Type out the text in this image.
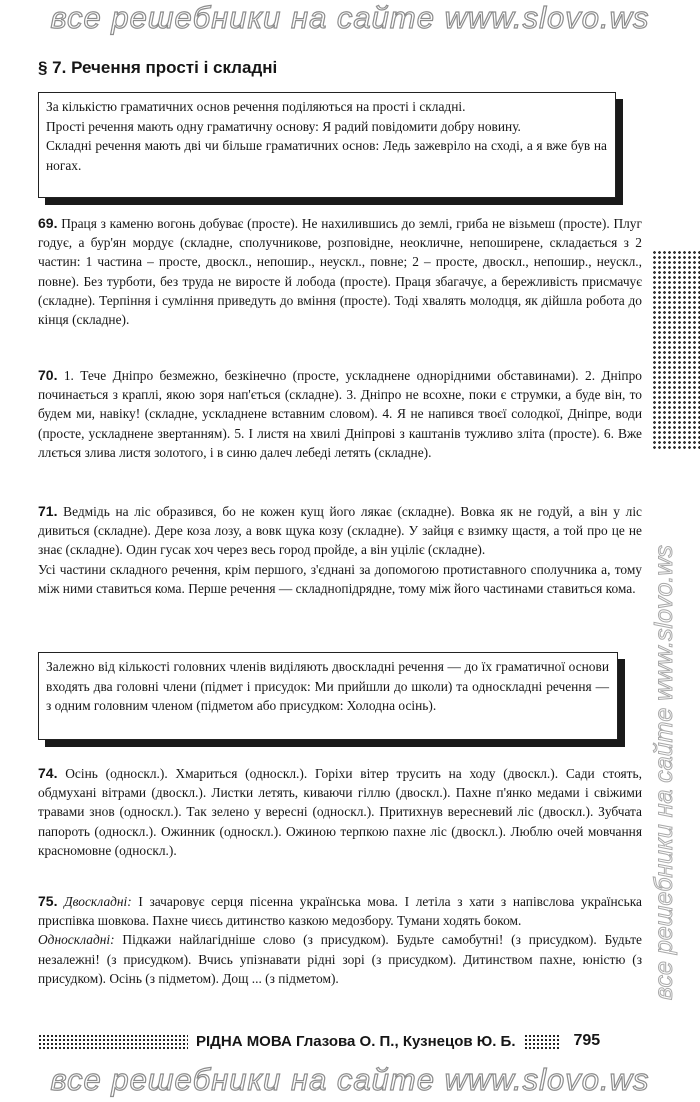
все решебники на сайте www.slovo.ws
все решебники на сайте www.slovo.ws
§ 7. Речення прості і складні

За кількістю граматичних основ речення поділяються на прості і складні.

Прості речення мають одну граматичну основу: Я радий повідомити добру новину.

Складні речення мають дві чи більше граматичних основ: Ледь зажевріло на сході, а я вже був на ногах.

69. Праця з каменю вогонь добуває (просте). Не нахилившись до землі, гриба не візьмеш (просте). Плуг годує, а бур'ян мордує (складне, сполучникове, розповідне, неокличне, непоширене, складається з 2 частин: 1 частина – просте, двоскл., непошир., неускл., повне; 2 – просте, двоскл., непошир., неускл., повне). Без турботи, без труда не виросте й лобода (просте). Праця збагачує, а бережливість присмачує (складне). Терпіння і сумління приведуть до вміння (просте). Тоді хвалять молодця, як дійшла робота до кінця (складне).

70. 1. Тече Дніпро безмежно, безкінечно (просте, ускладнене однорідними обставинами). 2. Дніпро починається з краплі, якою зоря нап'ється (складне). 3. Дніпро не всохне, поки є струмки, а буде він, то будем ми, навіку! (складне, ускладнене вставним словом). 4. Я не напився твоєї солодкої, Дніпре, води (просте, ускладнене звертанням). 5. І листя на хвилі Дніпрові з каштанів тужливо зліта (просте). 6. Вже ллється злива листя золотого, і в синю далеч лебеді летять (складне).

71. Ведмідь на ліс образився, бо не кожен кущ його лякає (складне). Вовка як не годуй, а він у ліс дивиться (складне). Дере коза лозу, а вовк щука козу (складне). У зайця є взимку щастя, а той про це не знає (складне). Один гусак хоч через весь город пройде, а він уціліє (складне).

Усі частини складного речення, крім першого, з'єднані за допомогою протиставного сполучника а, тому між ними ставиться кома. Перше речення — складнопідрядне, тому між його частинами ставиться кома.

Залежно від кількості головних членів виділяють двоскладні речення — до їх граматичної основи входять два головні члени (підмет і присудок: Ми прийшли до школи) та односкладні речення — з одним головним членом (підметом або присудком: Холодна осінь).

74. Осінь (односкл.). Хмариться (односкл.). Горіхи вітер трусить на ходу (двоскл.). Сади стоять, обдмухані вітрами (двоскл.). Листки летять, киваючи гіллю (двоскл.). Пахне п'янко медами і свіжими травами знов (односкл.). Так зелено у вересні (односкл.). Притихнув вересневий ліс (двоскл.). Зубчата папороть (односкл.). Ожинник (односкл.). Ожиною терпкою пахне ліс (двоскл.). Люблю очей мовчання красномовне (односкл.).

75. Двоскладні: І зачаровує серця пісенна українська мова. І летіла з хати з напівслова українська приспівка шовкова. Пахне чиєсь дитинство казкою медозбору. Тумани ходять боком.

Односкладні: Підкажи найлагідніше слово (з присудком). Будьте самобутні! (з присудком). Будьте незалежні! (з присудком). Вчись упізнавати рідні зорі (з присудком). Дитинством пахне, юністю (з присудком). Осінь (з підметом). Дощ ... (з підметом).

РІДНА МОВА Глазова О. П., Кузнецов Ю. Б.	795
все решебники на сайте www.slovo.ws
